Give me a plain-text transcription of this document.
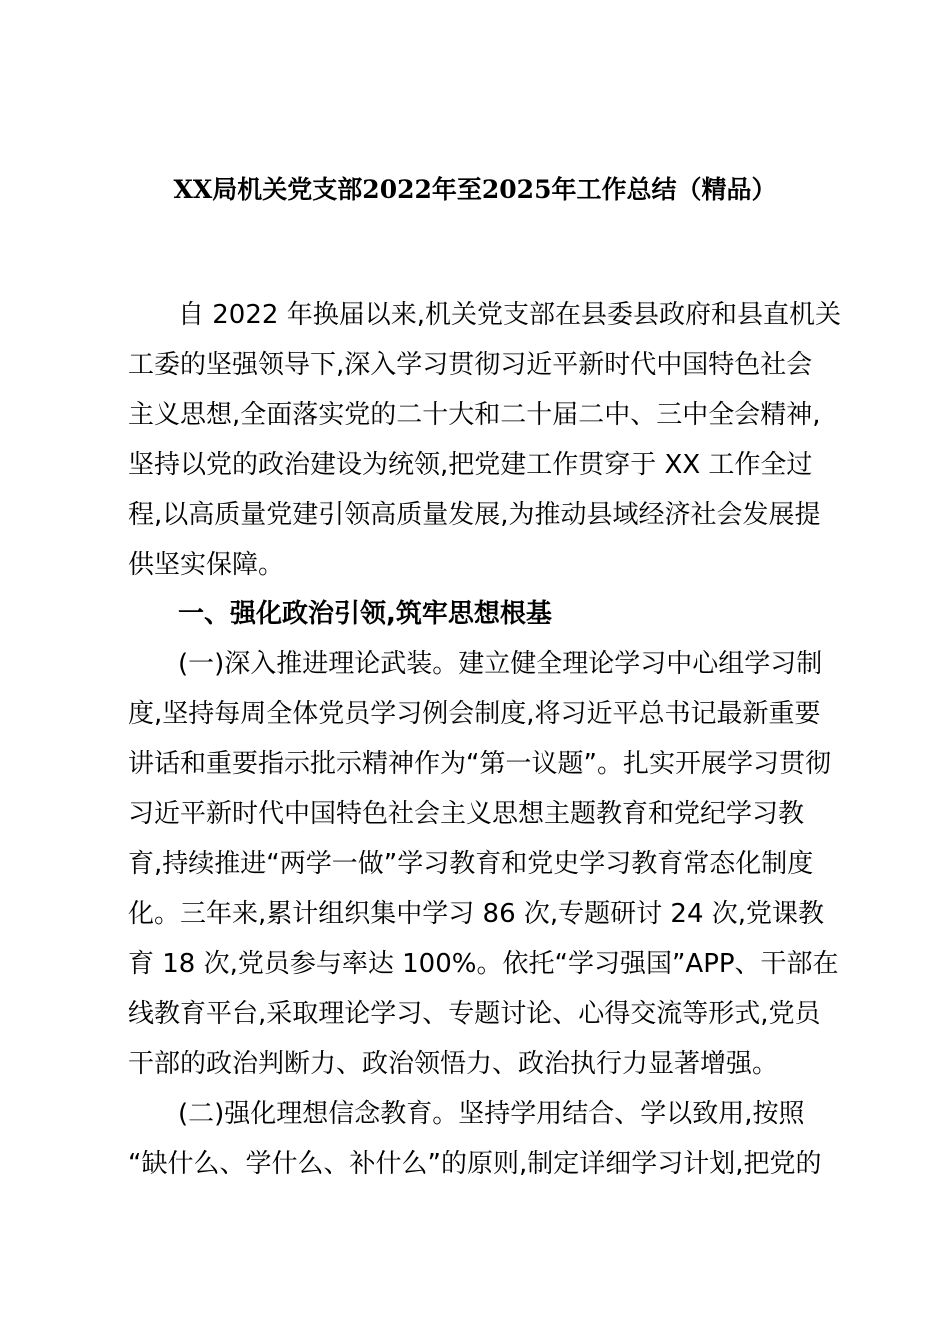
XX局机关党支部2022年至2025年工作总结（精品）
自 2022 年换届以来,机关党支部在县委县政府和县直机关
工委的坚强领导下,深入学习贯彻习近平新时代中国特色社会
主义思想,全面落实党的二十大和二十届二中、三中全会精神,
坚持以党的政治建设为统领,把党建工作贯穿于 XX 工作全过
程,以高质量党建引领高质量发展,为推动县域经济社会发展提
供坚实保障。
一、强化政治引领,筑牢思想根基
(一)深入推进理论武装。建立健全理论学习中心组学习制
度,坚持每周全体党员学习例会制度,将习近平总书记最新重要
讲话和重要指示批示精神作为“第一议题”。扎实开展学习贯彻
习近平新时代中国特色社会主义思想主题教育和党纪学习教
育,持续推进“两学一做”学习教育和党史学习教育常态化制度
化。三年来,累计组织集中学习 86 次,专题研讨 24 次,党课教
育 18 次,党员参与率达 100%。依托“学习强国”APP、干部在
线教育平台,采取理论学习、专题讨论、心得交流等形式,党员
干部的政治判断力、政治领悟力、政治执行力显著增强。
(二)强化理想信念教育。坚持学用结合、学以致用,按照
“缺什么、学什么、补什么”的原则,制定详细学习计划,把党的
